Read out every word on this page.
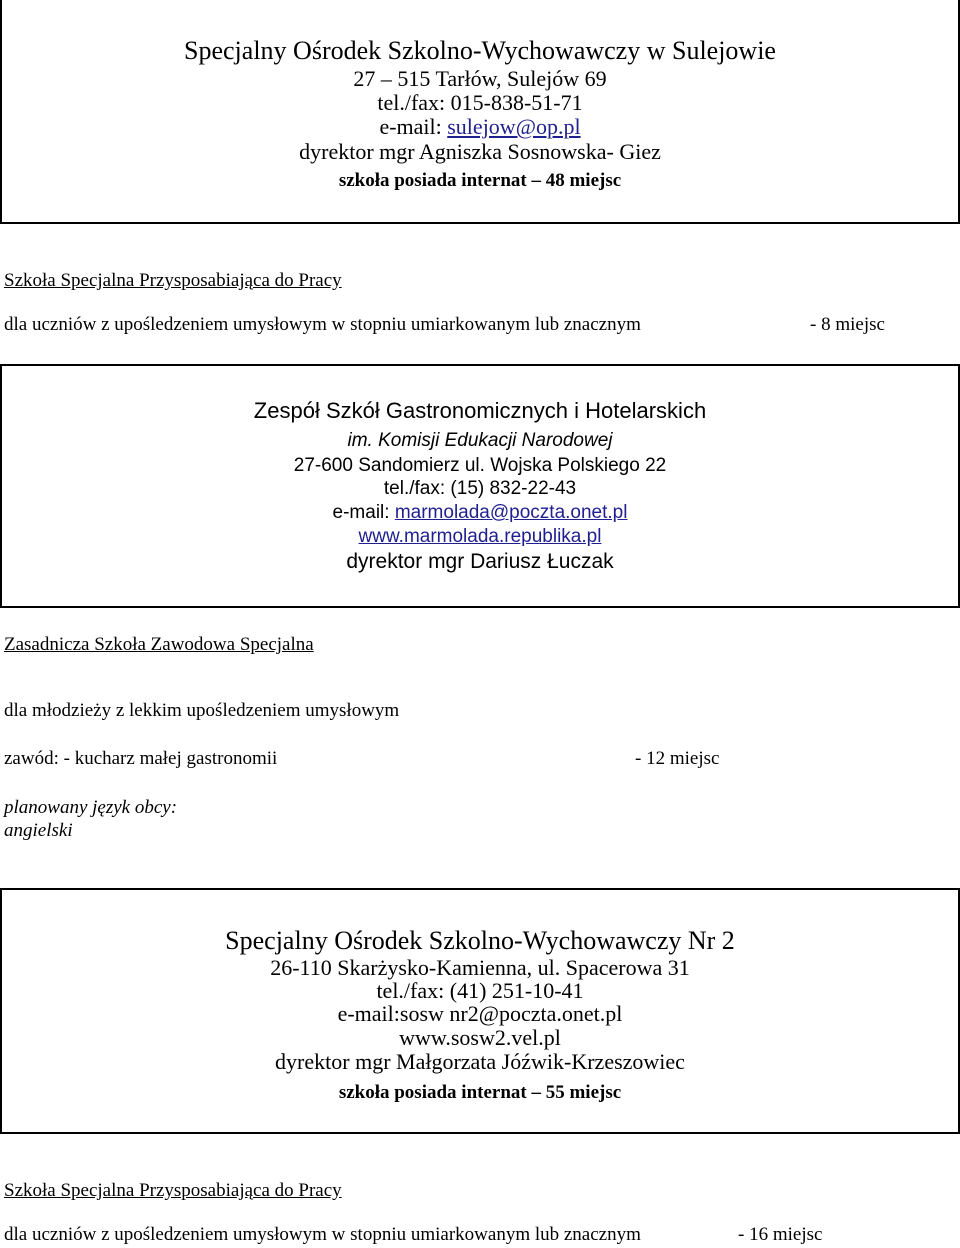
Specjalny Ośrodek Szkolno-Wychowawczy w Sulejowie
27 – 515 Tarłów, Sulejów 69
tel./fax: 015-838-51-71
e-mail: sulejow@op.pl
dyrektor mgr Agniszka Sosnowska- Giez
szkoła posiada internat – 48 miejsc
Szkoła Specjalna Przysposabiająca do Pracy
dla uczniów z upośledzeniem umysłowym w stopniu umiarkowanym lub znacznym	- 8 miejsc
Zespół Szkół Gastronomicznych i Hotelarskich
im. Komisji Edukacji Narodowej
27-600 Sandomierz ul. Wojska Polskiego 22
tel./fax: (15) 832-22-43
e-mail: marmolada@poczta.onet.pl
www.marmolada.republika.pl
dyrektor mgr Dariusz Łuczak
Zasadnicza Szkoła Zawodowa Specjalna
dla młodzieży z lekkim upośledzeniem umysłowym
zawód: - kucharz małej gastronomii	- 12 miejsc
planowany język obcy:
angielski
Specjalny Ośrodek Szkolno-Wychowawczy Nr 2
26-110 Skarżysko-Kamienna, ul. Spacerowa 31
tel./fax: (41) 251-10-41
e-mail:sosw nr2@poczta.onet.pl
www.sosw2.vel.pl
dyrektor mgr Małgorzata Jóźwik-Krzeszowiec
szkoła posiada internat – 55 miejsc
Szkoła Specjalna Przysposabiająca do Pracy
dla uczniów z upośledzeniem umysłowym w stopniu umiarkowanym lub znacznym	- 16 miejsc
